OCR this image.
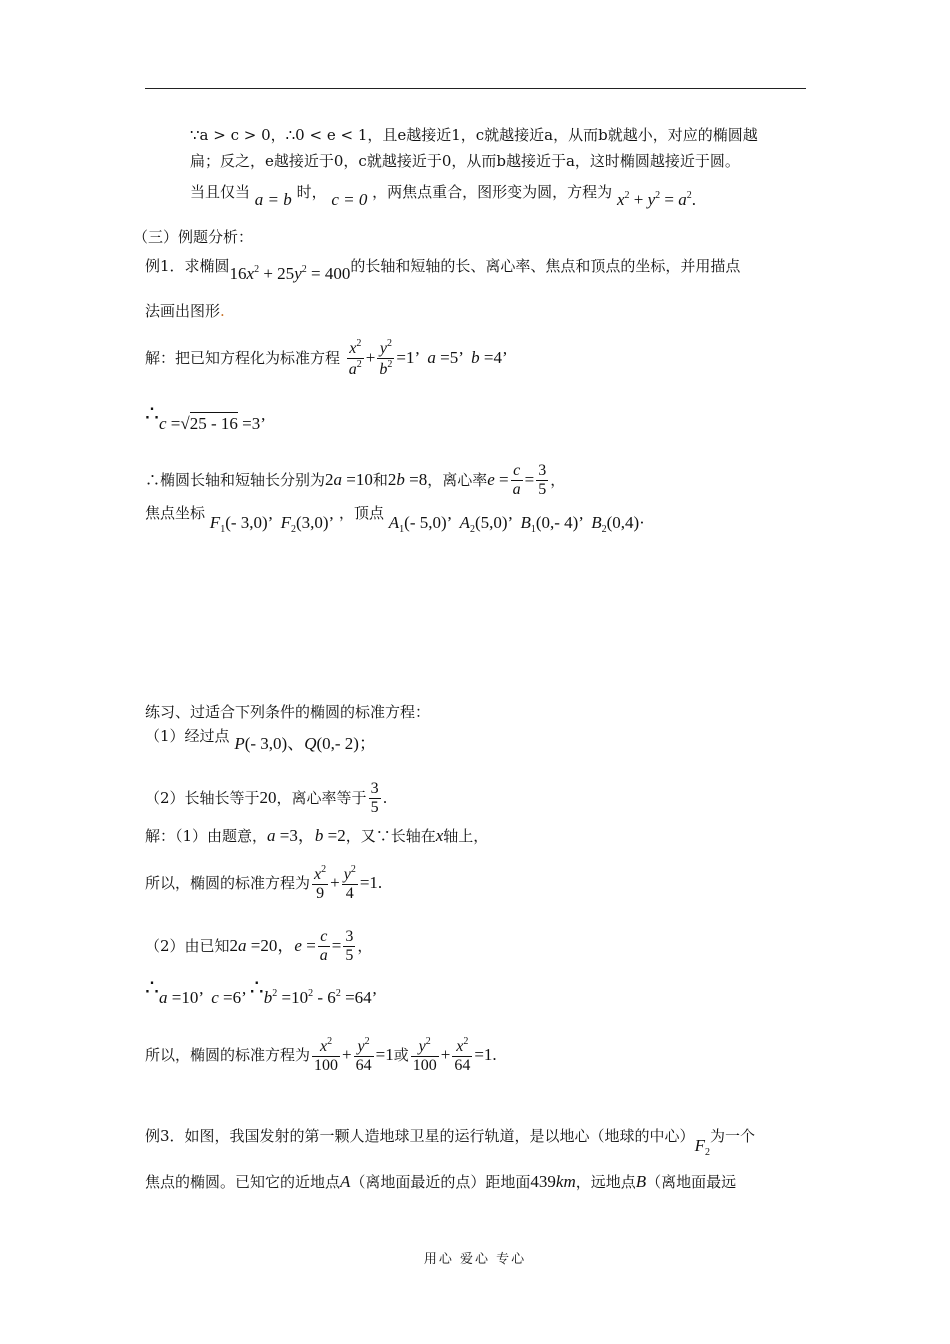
∵a > c > 0，∴0 < e < 1，且e越接近1，c就越接近a，从而b就越小，对应的椭圆越
扁；反之，e越接近于0，c就越接近于0，从而b越接近于a，这时椭圆越接近于圆。
当且仅当 a = b 时， c = 0 ，两焦点重合，图形变为圆，方程为 $x^2 + y^2 = a^2$.
（三）例题分析：
例1．求椭圆$16x^2 + 25y^2 = 400$的长轴和短轴的长、离心率、焦点和顶点的坐标，并用描点
法画出图形.
解：把已知方程化为标准方程 $\frac{x^2}{a^2} + \frac{y^2}{b^2} =1$’  a =5’  b =4’
∴c =√25 - 16 =3’
∴椭圆长轴和短轴长分别为2a =10和2b =8，离心率$e = \frac{c}{a} = \frac{3}{5}$ ，
焦点坐标 $F_1(-$ 3,0)’  $F_2(3,0)$’ ，顶点 $A_1(-$ 5,0)’  $A_2(5,0)$’  $B_1(0,-$ 4)’  $B_2(0,4)\cdot$
练习、过适合下列条件的椭圆的标准方程：
（1）经过点 P(- 3,0)、Q(0,- 2)；
（2）长轴长等于20，离心率等于 $\frac{3}{5}$ .
解：（1）由题意，a =3，b =2，又∵长轴在x轴上，
所以，椭圆的标准方程为 $\frac{x^2}{9} + \frac{y^2}{4} =1$.
（2）由已知2a =20，$e = \frac{c}{a} = \frac{3}{5}$ ，
∴a =10’  c =6’ $\therefore b^2 =10^2 - 6^2 =64$’
所以，椭圆的标准方程为 $\frac{x^2}{100} + \frac{y^2}{64} =1$或 $\frac{y^2}{100} + \frac{x^2}{64} =1$.
例3．如图，我国发射的第一颗人造地球卫星的运行轨道，是以地心（地球的中心）$F_2$为一个
焦点的椭圆。已知它的近地点A（离地面最近的点）距地面439km，远地点B（离地面最远
用心 爱心 专心
